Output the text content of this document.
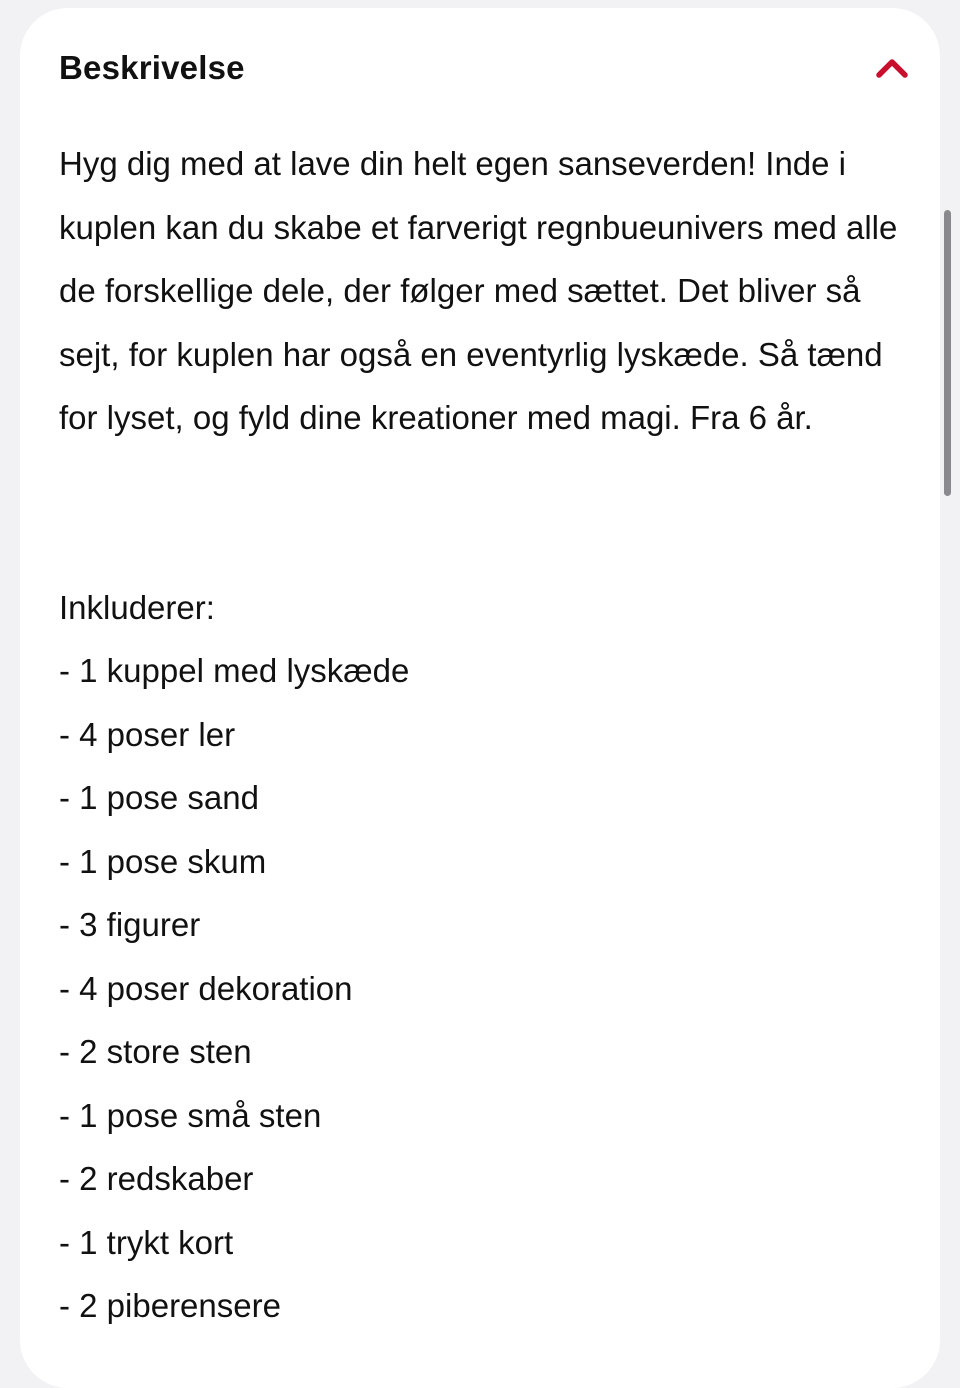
Beskrivelse

Hyg dig med at lave din helt egen sanseverden! Inde i kuplen kan du skabe et farverigt regnbueunivers med alle de forskellige dele, der følger med sættet. Det bliver så sejt, for kuplen har også en eventyrlig lyskæde. Så tænd for lyset, og fyld dine kreationer med magi. Fra 6 år.

Inkluderer:

- 1 kuppel med lyskæde
- 4 poser ler
- 1 pose sand
- 1 pose skum
- 3 figurer
- 4 poser dekoration
- 2 store sten
- 1 pose små sten
- 2 redskaber
- 1 trykt kort
- 2 piberensere
